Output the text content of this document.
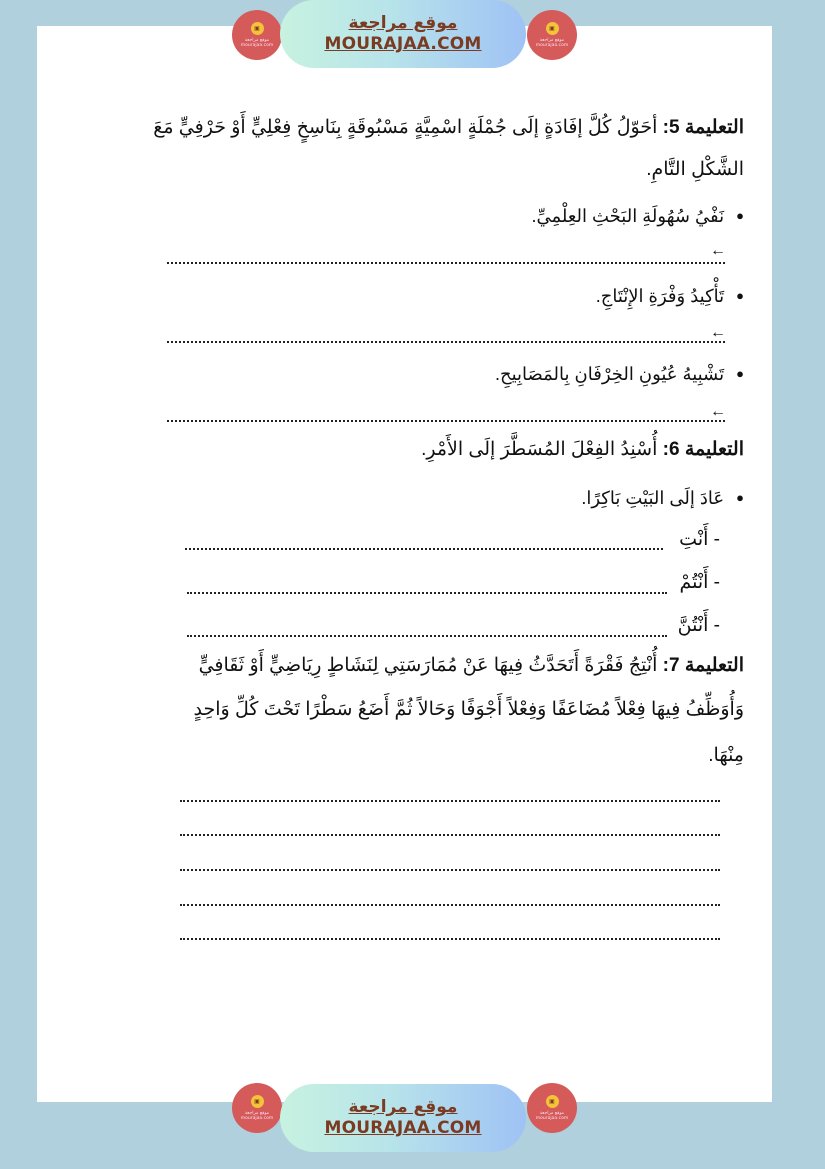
التعليمة 5: أحَوّلُ كُلَّ إفَادَةٍ إلَى جُمْلَةٍ اسْمِيَّةٍ مَسْبُوقَةٍ بِنَاسِخٍ فِعْلِيٍّ أَوْ حَرْفِيٍّ مَعَ
الشَّكْلِ التَّامِ.
● نَفْيُ سُهُولَةِ البَحْثِ العِلْمِيِّ.
←
● تَأْكِيدُ وَفْرَةِ الإِنْتَاجِ.
←
● تَشْبِيهُ عُيُونِ الخِرْفَانِ بِالمَصَابِيحِ.
←
التعليمة 6: أُسْنِدُ الفِعْلَ المُسَطَّرَ إلَى الأَمْرِ.
● عَادَ إلَى البَيْتِ بَاكِرًا.
- أَنْتِ
- أَنْتُمْ
- أَنْتُنَّ
التعليمة 7: أُنْتِجُ فَقْرَةً أَتَحَدَّثُ فِيهَا عَنْ مُمَارَسَتِي لِنَشَاطٍ رِيَاضِيٍّ أَوْ ثَقَافِيٍّ
وَأُوَظِّفُ فِيهَا فِعْلاً مُضَاعَفًا وَفِعْلاً أَجْوَفًا وَحَالاً ثُمَّ أَضَعُ سَطْرًا تَحْتَ كُلِّ وَاحِدٍ
مِنْهَا.
▣
موقع مراجعة mourajaa.com
موقع مراجعة
MOURAJAA.COM
▣
موقع مراجعة mourajaa.com
▣
موقع مراجعة mourajaa.com
موقع مراجعة
MOURAJAA.COM
▣
موقع مراجعة mourajaa.com
